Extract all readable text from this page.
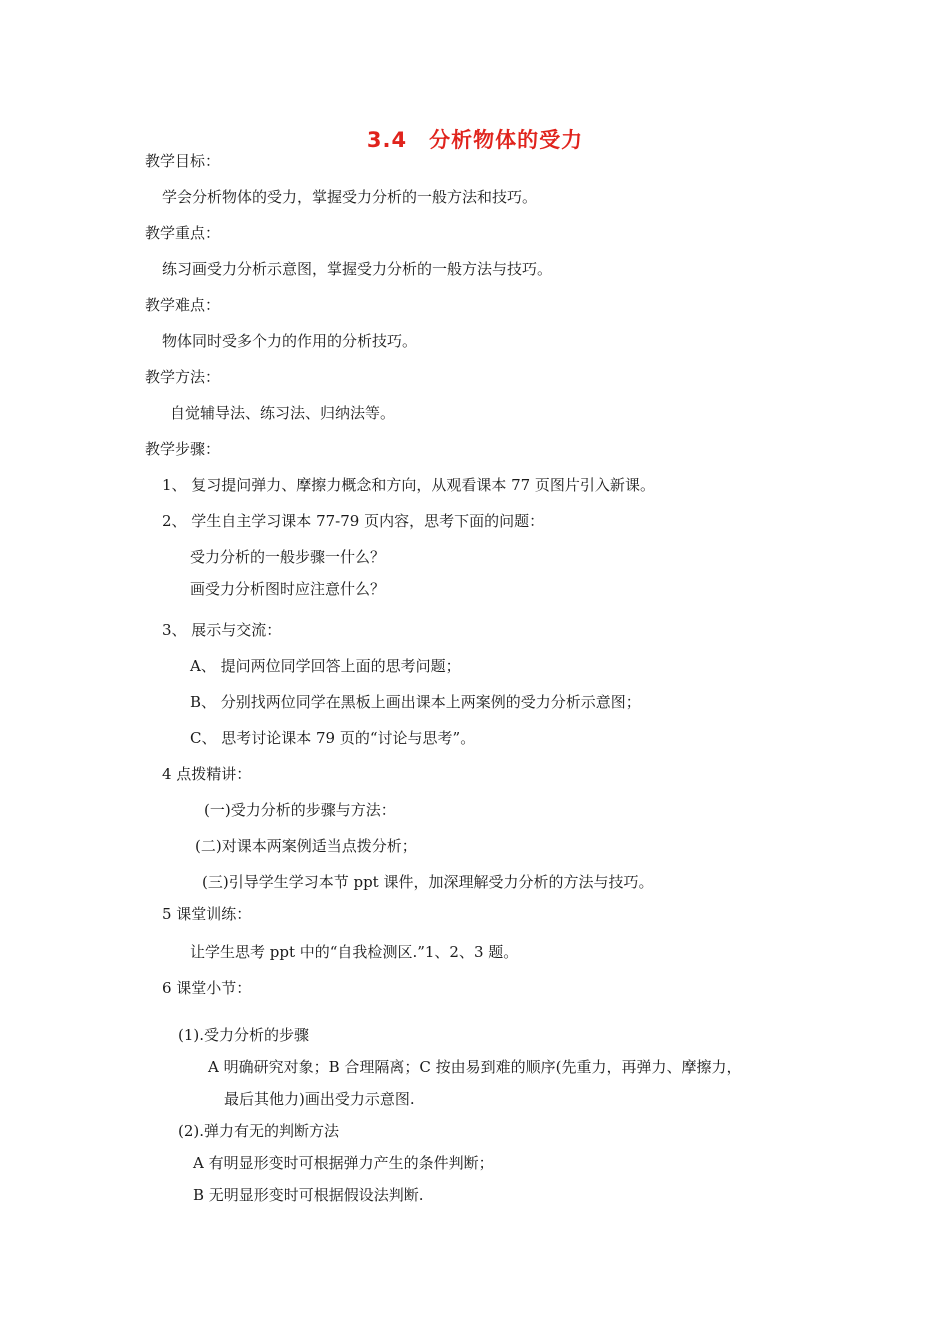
3.4　分析物体的受力
教学目标：
学会分析物体的受力，掌握受力分析的一般方法和技巧。
教学重点：
练习画受力分析示意图，掌握受力分析的一般方法与技巧。
教学难点：
物体同时受多个力的作用的分析技巧。
教学方法：
自觉辅导法、练习法、归纳法等。
教学步骤：
1、 复习提问弹力、摩擦力概念和方向，从观看课本 77 页图片引入新课。
2、 学生自主学习课本 77-79 页内容，思考下面的问题：
受力分析的一般步骤一什么？
画受力分析图时应注意什么？
3、 展示与交流：
A、 提问两位同学回答上面的思考问题；
B、 分别找两位同学在黑板上画出课本上两案例的受力分析示意图；
C、 思考讨论课本 79 页的“讨论与思考”。
4 点拨精讲：
(一)受力分析的步骤与方法：
(二)对课本两案例适当点拨分析；
(三)引导学生学习本节 ppt 课件，加深理解受力分析的方法与技巧。
5 课堂训练：
让学生思考 ppt 中的“自我检测区.”1、2、3 题。
6 课堂小节：
(1).受力分析的步骤
A 明确研究对象；B 合理隔离；C 按由易到难的顺序(先重力，再弹力、摩擦力，
最后其他力)画出受力示意图.
(2).弹力有无的判断方法
A 有明显形变时可根据弹力产生的条件判断；
B 无明显形变时可根据假设法判断.
